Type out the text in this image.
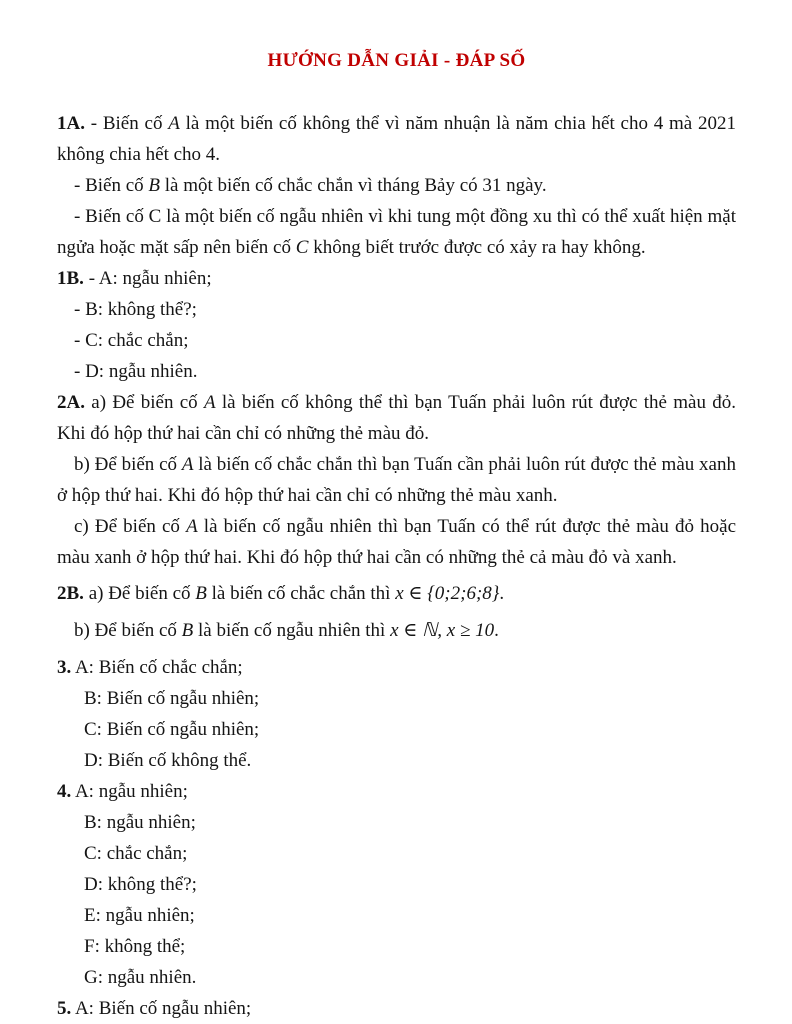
HƯỚNG DẪN GIẢI - ĐÁP SỐ

1A. - Biến cố A là một biến cố không thể vì năm nhuận là năm chia hết cho 4 mà 2021 không chia hết cho 4.

- Biến cố B là một biến cố chắc chắn vì tháng Bảy có 31 ngày.

- Biến cố C là một biến cố ngẫu nhiên vì khi tung một đồng xu thì có thể xuất hiện mặt ngửa hoặc mặt sấp nên biến cố C không biết trước được có xảy ra hay không.

1B. - A: ngẫu nhiên;

- B: không thể?;

- C: chắc chắn;

- D: ngẫu nhiên.

2A. a) Để biến cố A là biến cố không thể thì bạn Tuấn phải luôn rút được thẻ màu đỏ. Khi đó hộp thứ hai cần chỉ có những thẻ màu đỏ.

b) Để biến cố A là biến cố chắc chắn thì bạn Tuấn cần phải luôn rút được thẻ màu xanh ở hộp thứ hai. Khi đó hộp thứ hai cần chỉ có những thẻ màu xanh.

c) Để biến cố A là biến cố ngẫu nhiên thì bạn Tuấn có thể rút được thẻ màu đỏ hoặc màu xanh ở hộp thứ hai. Khi đó hộp thứ hai cần có những thẻ cả màu đỏ và xanh.

2B. a) Để biến cố B là biến cố chắc chắn thì x ∈ {0;2;6;8}.

b) Để biến cố B là biến cố ngẫu nhiên thì x ∈ ℕ, x ≥ 10.

3. A: Biến cố chắc chắn;

B: Biến cố ngẫu nhiên;

C: Biến cố ngẫu nhiên;

D: Biến cố không thể.

4. A: ngẫu nhiên;

B: ngẫu nhiên;

C: chắc chắn;

D: không thể?;

E: ngẫu nhiên;

F: không thể;

G: ngẫu nhiên.

5. A: Biến cố ngẫu nhiên;
